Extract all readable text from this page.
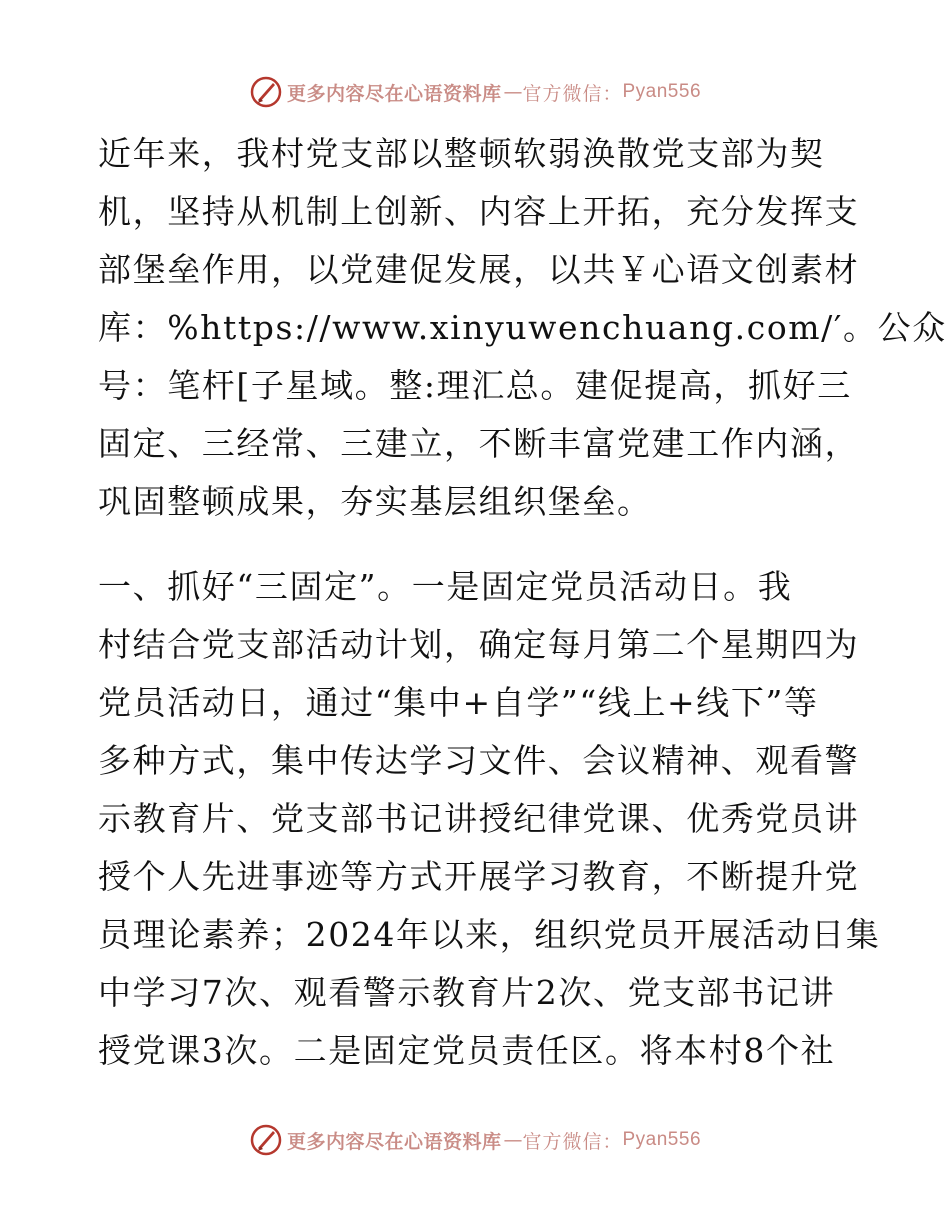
更多内容尽在心语资料库 — 官方微信： Pyan556
近年来，我村党支部以整顿软弱涣散党支部为契
机，坚持从机制上创新、内容上开拓，充分发挥支
部堡垒作用，以党建促发展，以共￥心语文创素材
库：%https://www.xinyuwenchuang.com/′。公众
号：笔杆[子星域。整:理汇总。建促提高，抓好三
固定、三经常、三建立，不断丰富党建工作内涵，
巩固整顿成果，夯实基层组织堡垒。
一、抓好“三固定”。一是固定党员活动日。我
村结合党支部活动计划，确定每月第二个星期四为
党员活动日，通过“集中+自学”“线上+线下”等
多种方式，集中传达学习文件、会议精神、观看警
示教育片、党支部书记讲授纪律党课、优秀党员讲
授个人先进事迹等方式开展学习教育，不断提升党
员理论素养；2024年以来，组织党员开展活动日集
中学习7次、观看警示教育片2次、党支部书记讲
授党课3次。二是固定党员责任区。将本村8个社
更多内容尽在心语资料库 — 官方微信： Pyan556
